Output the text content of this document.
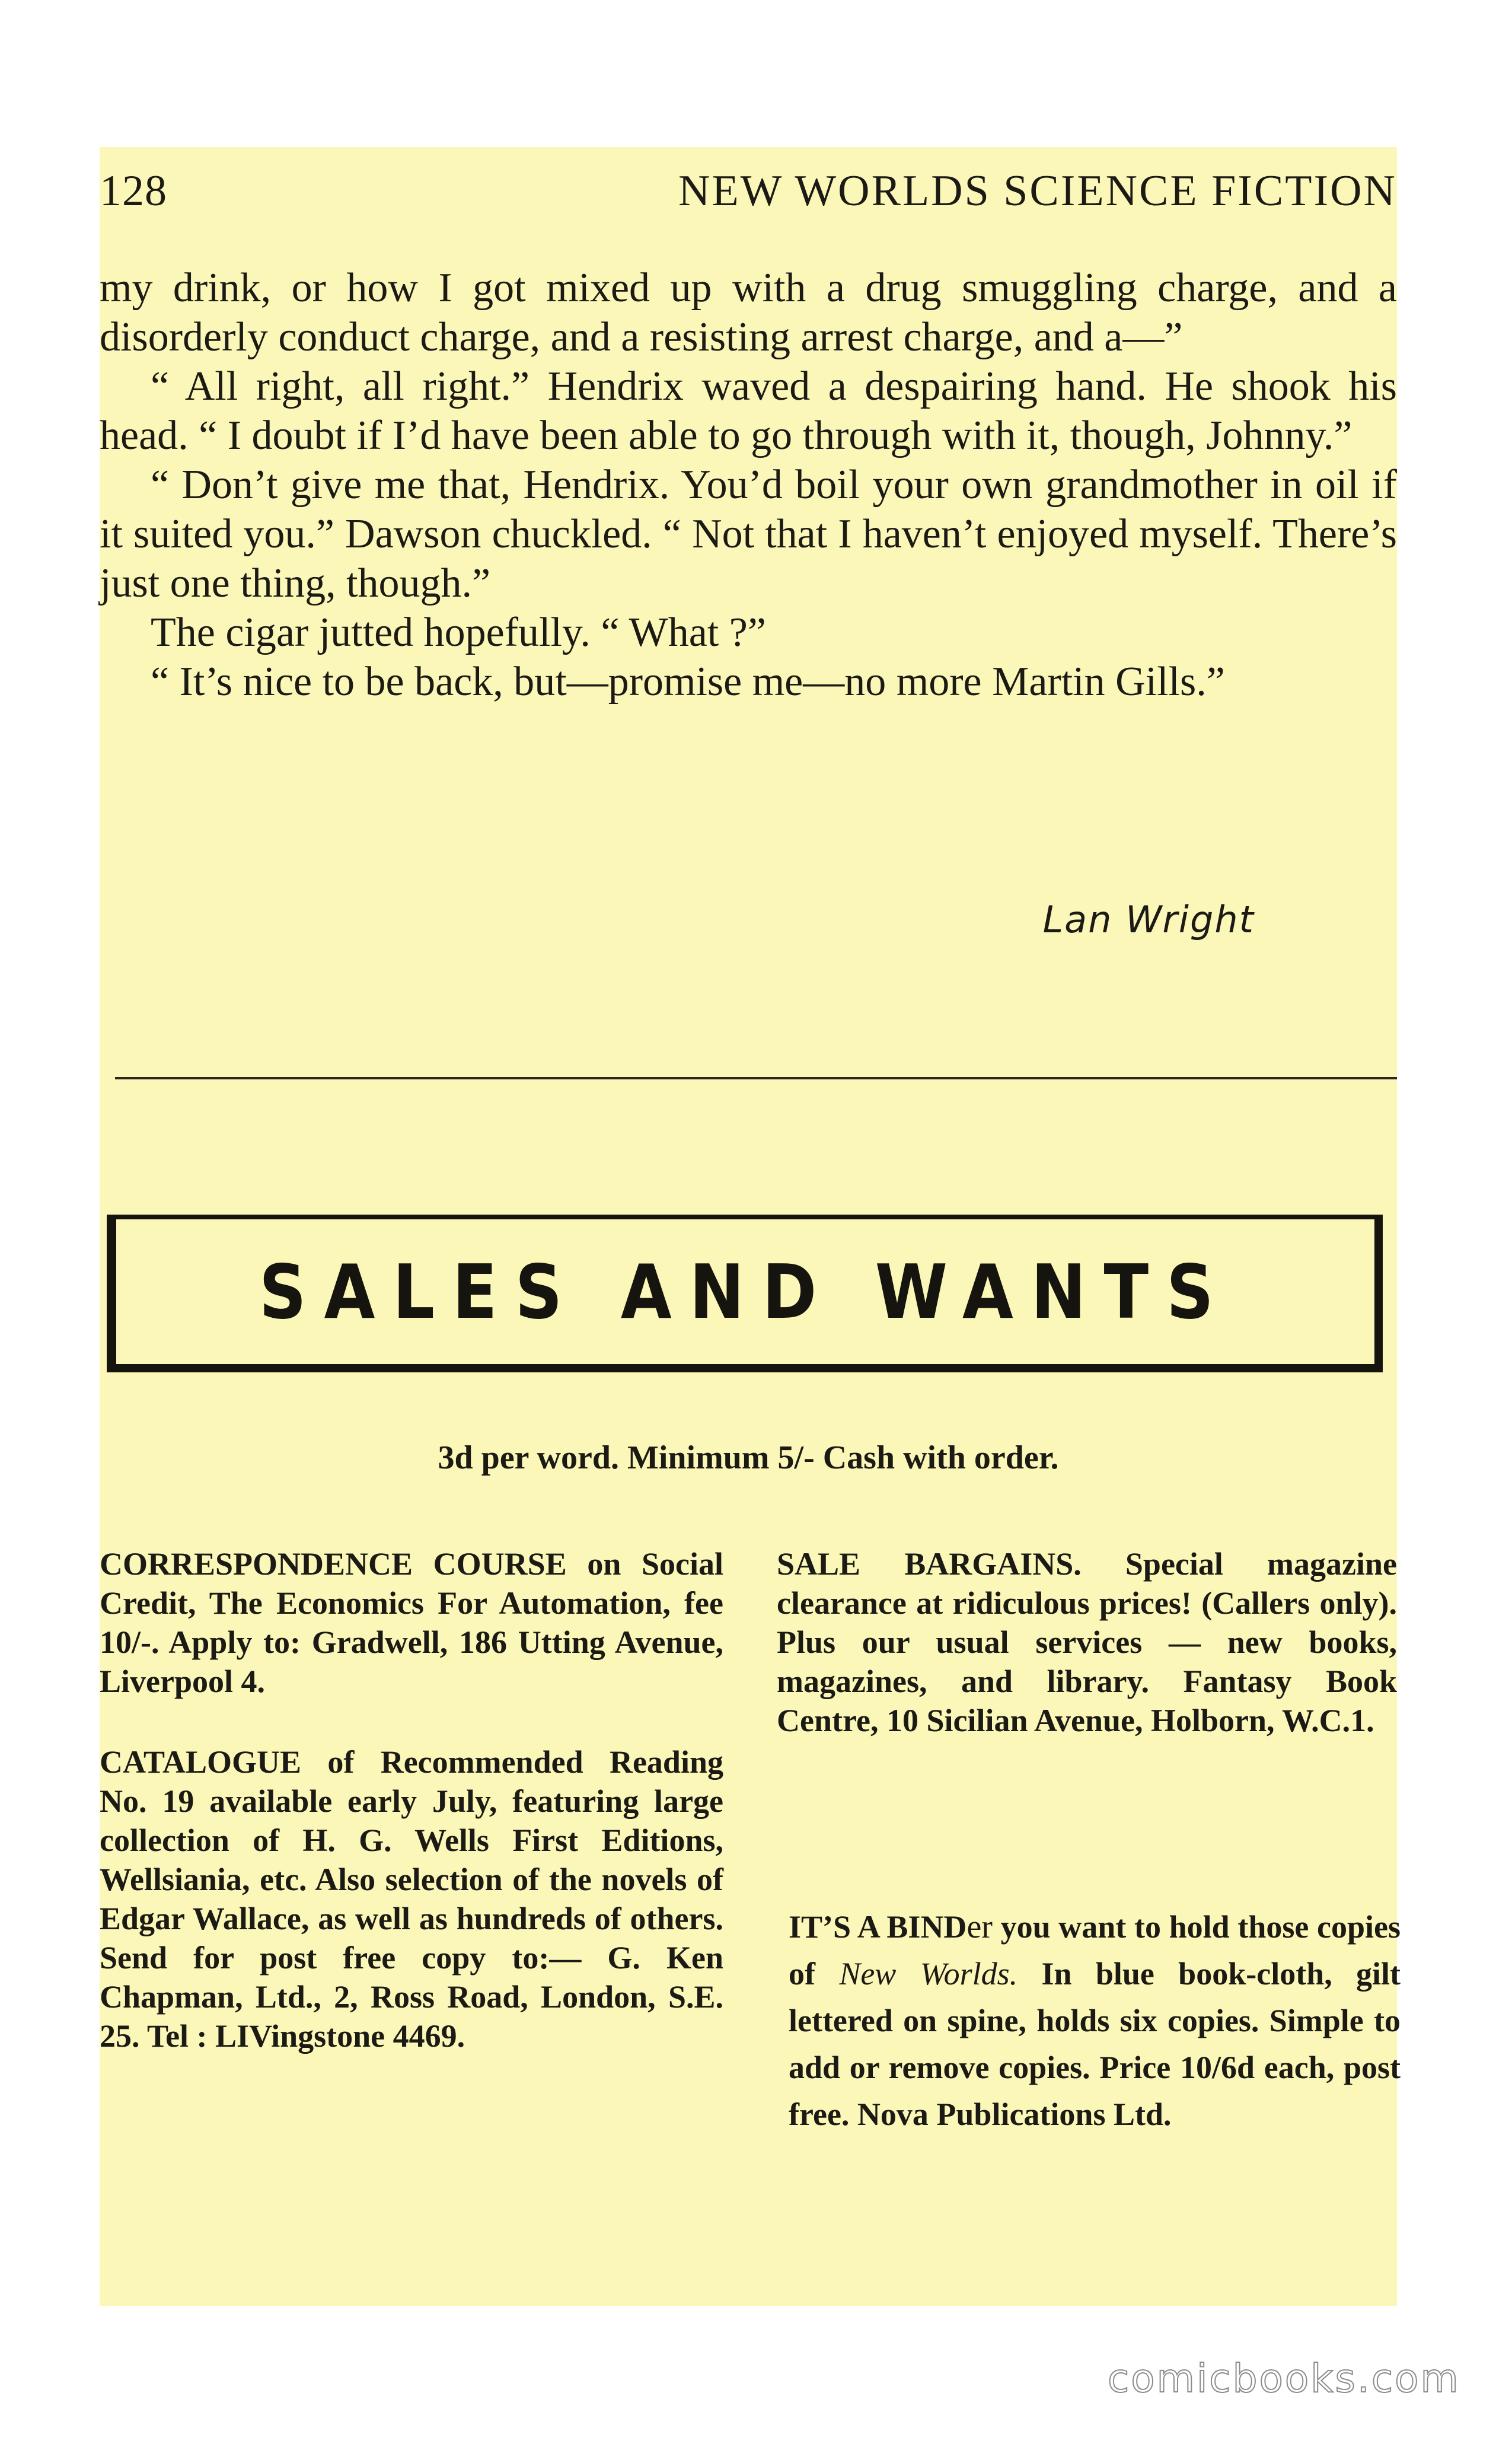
128	NEW WORLDS SCIENCE FICTION

my drink, or how I got mixed up with a drug smuggling charge, and a disorderly conduct charge, and a resisting arrest charge, and a—”

“ All right, all right.” Hendrix waved a despairing hand. He shook his head. “ I doubt if I’d have been able to go through with it, though, Johnny.”

“ Don’t give me that, Hendrix. You’d boil your own grandmother in oil if it suited you.” Dawson chuckled. “ Not that I haven’t enjoyed myself. There’s just one thing, though.”

The cigar jutted hopefully. “ What ?”

“ It’s nice to be back, but—promise me—no more Martin Gills.”

Lan Wright
SALES AND WANTS
3d per word. Minimum 5/- Cash with order.

CORRESPONDENCE COURSE on Social Credit, The Economics For Automation, fee 10/-. Apply to: Gradwell, 186 Utting Avenue, Liverpool 4.

CATALOGUE of Recommended Reading No. 19 available early July, featuring large collection of H. G. Wells First Editions, Wellsiania, etc. Also selection of the novels of Edgar Wallace, as well as hundreds of others. Send for post free copy to:— G. Ken Chapman, Ltd., 2, Ross Road, London, S.E. 25. Tel : LIVingstone 4469.

SALE BARGAINS. Special magazine clearance at ridiculous prices! (Callers only). Plus our usual services — new books, magazines, and library. Fantasy Book Centre, 10 Sicilian Avenue, Holborn, W.C.1.

IT’S A BINDer you want to hold those copies of New Worlds. In blue book-cloth, gilt lettered on spine, holds six copies. Simple to add or remove copies. Price 10/6d each, post free. Nova Publications Ltd.

comicbooks.com
